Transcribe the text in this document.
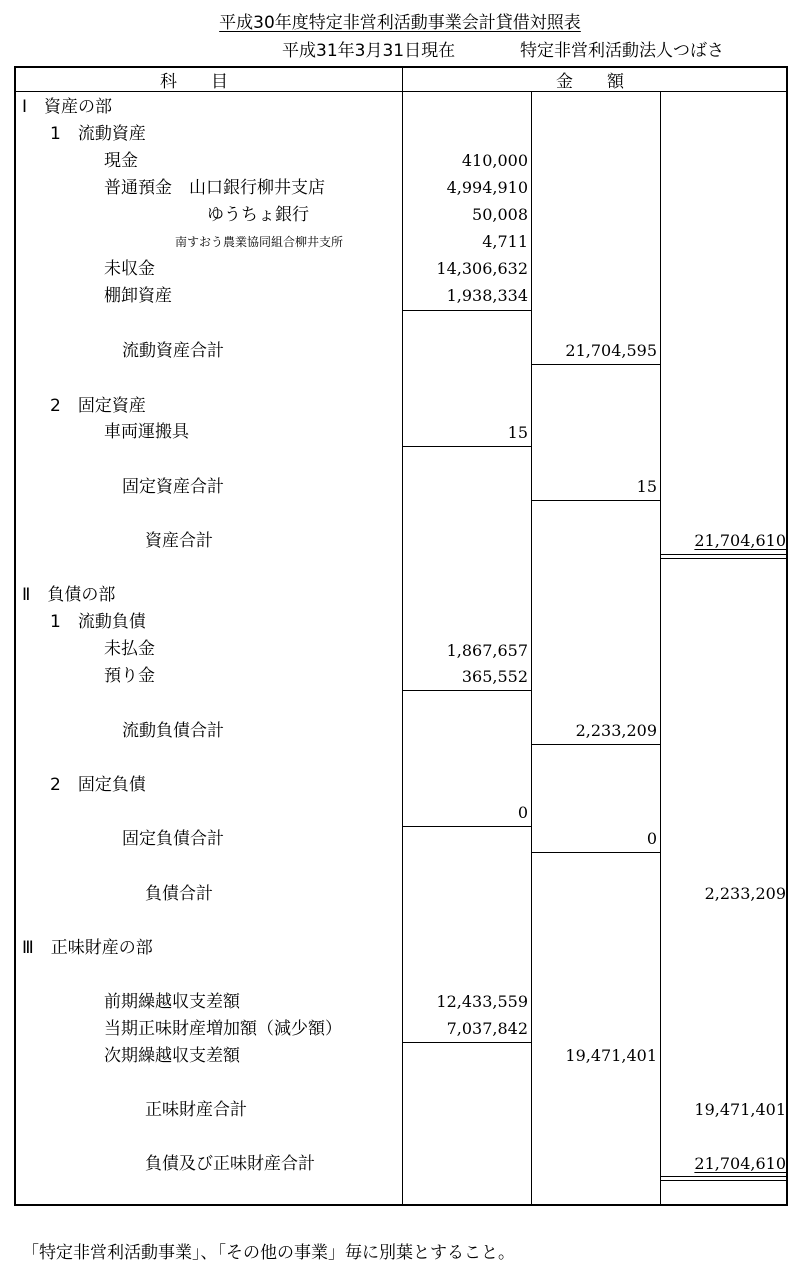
平成30年度特定非営利活動事業会計貸借対照表
平成31年3月31日現在	特定非営利活動法人つばさ
科　　目	金　　額
Ⅰ　資産の部
1　流動資産
現金	410,000
普通預金　山口銀行柳井支店	4,994,910
ゆうちょ銀行	50,008
南すおう農業協同組合柳井支所	4,711
未収金	14,306,632
棚卸資産	1,938,334
流動資産合計	21,704,595
2　固定資産
車両運搬具	15
固定資産合計	15
資産合計	21,704,610
Ⅱ　負債の部
1　流動負債
未払金	1,867,657
預り金	365,552
流動負債合計	2,233,209
2　固定負債
0
固定負債合計	0
負債合計	2,233,209
Ⅲ　正味財産の部
前期繰越収支差額	12,433,559
当期正味財産増加額（減少額）	7,037,842
次期繰越収支差額	19,471,401
正味財産合計	19,471,401
負債及び正味財産合計	21,704,610
「特定非営利活動事業」、「その他の事業」毎に別葉とすること。
